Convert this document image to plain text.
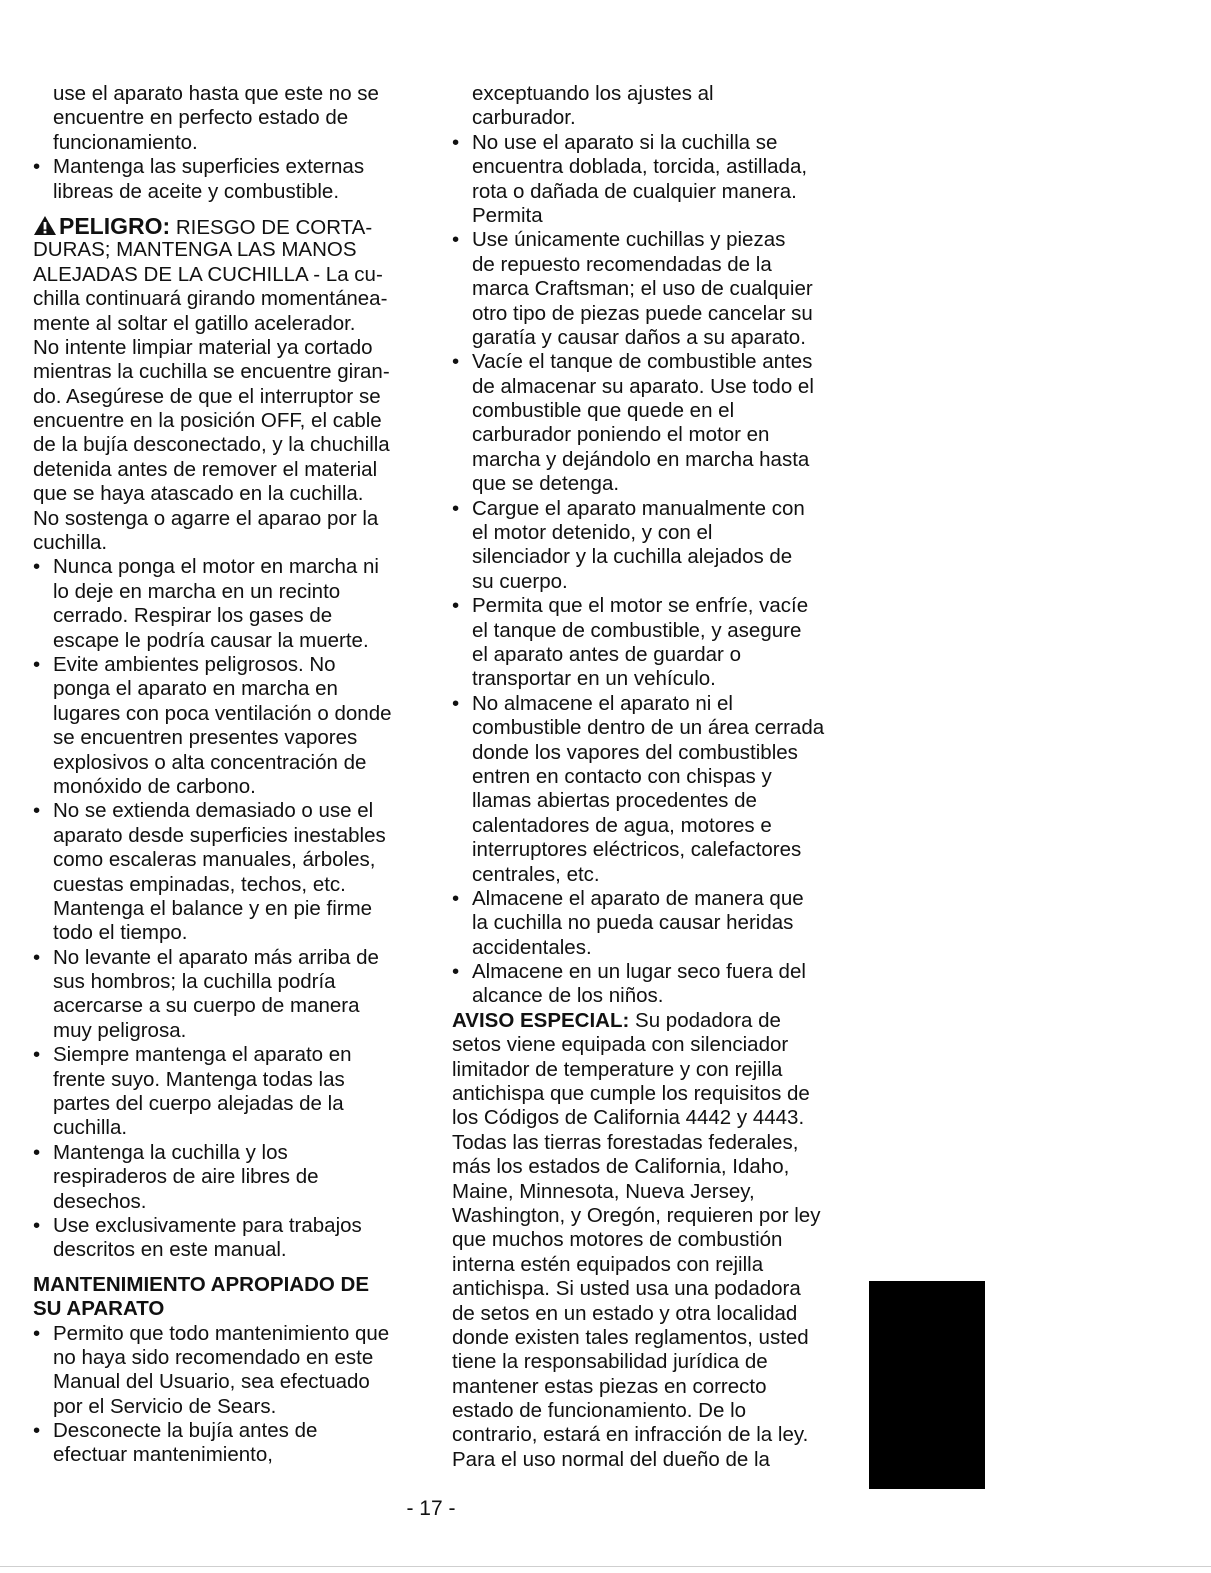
use el aparato hasta que este no se
encuentre en perfecto estado de
funcionamiento.
• Mantenga las superficies externas
libreas de aceite y combustible.
PELIGRO: RIESGO DE CORTA-
DURAS; MANTENGA LAS MANOS
ALEJADAS DE LA CUCHILLA - La cu-
chilla continuará girando momentánea-
mente al soltar el gatillo acelerador.
No intente limpiar material ya cortado
mientras la cuchilla se encuentre giran-
do. Asegúrese de que el interruptor se
encuentre en la posición OFF, el cable
de la bujía desconectado, y la chuchilla
detenida antes de remover el material
que se haya atascado en la cuchilla.
No sostenga o agarre el aparao por la
cuchilla.
• Nunca ponga el motor en marcha ni
lo deje en marcha en un recinto
cerrado. Respirar los gases de
escape le podría causar la muerte.
• Evite ambientes peligrosos. No
ponga el aparato en marcha en
lugares con poca ventilación o donde
se encuentren presentes vapores
explosivos o alta concentración de
monóxido de carbono.
• No se extienda demasiado o use el
aparato desde superficies inestables
como escaleras manuales, árboles,
cuestas empinadas, techos, etc.
Mantenga el balance y en pie firme
todo el tiempo.
• No levante el aparato más arriba de
sus hombros; la cuchilla podría
acercarse a su cuerpo de manera
muy peligrosa.
• Siempre mantenga el aparato en
frente suyo. Mantenga todas las
partes del cuerpo alejadas de la
cuchilla.
• Mantenga la cuchilla y los
respiraderos de aire libres de
desechos.
• Use exclusivamente para trabajos
descritos en este manual.
MANTENIMIENTO APROPIADO DE
SU APARATO
• Permito que todo mantenimiento que
no haya sido recomendado en este
Manual del Usuario, sea efectuado
por el Servicio de Sears.
• Desconecte la bujía antes de
efectuar mantenimiento,
exceptuando los ajustes al
carburador.
• No use el aparato si la cuchilla se
encuentra doblada, torcida, astillada,
rota o dañada de cualquier manera.
Permita
• Use únicamente cuchillas y piezas
de repuesto recomendadas de la
marca Craftsman; el uso de cualquier
otro tipo de piezas puede cancelar su
garatía y causar daños a su aparato.
• Vacíe el tanque de combustible antes
de almacenar su aparato. Use todo el
combustible que quede en el
carburador poniendo el motor en
marcha y dejándolo en marcha hasta
que se detenga.
• Cargue el aparato manualmente con
el motor detenido, y con el
silenciador y la cuchilla alejados de
su cuerpo.
• Permita que el motor se enfríe, vacíe
el tanque de combustible, y asegure
el aparato antes de guardar o
transportar en un vehículo.
• No almacene el aparato ni el
combustible dentro de un área cerrada
donde los vapores del combustibles
entren en contacto con chispas y
llamas abiertas procedentes de
calentadores de agua, motores e
interruptores eléctricos, calefactores
centrales, etc.
• Almacene el aparato de manera que
la cuchilla no pueda causar heridas
accidentales.
• Almacene en un lugar seco fuera del
alcance de los niños.
AVISO ESPECIAL: Su podadora de
setos viene equipada con silenciador
limitador de temperature y con rejilla
antichispa que cumple los requisitos de
los Códigos de California 4442 y 4443.
Todas las tierras forestadas federales,
más los estados de California, Idaho,
Maine, Minnesota, Nueva Jersey,
Washington, y Oregón, requieren por ley
que muchos motores de combustión
interna estén equipados con rejilla
antichispa. Si usted usa una podadora
de setos en un estado y otra localidad
donde existen tales reglamentos, usted
tiene la responsabilidad jurídica de
mantener estas piezas en correcto
estado de funcionamiento. De lo
contrario, estará en infracción de la ley.
Para el uso normal del dueño de la
- 17 -
